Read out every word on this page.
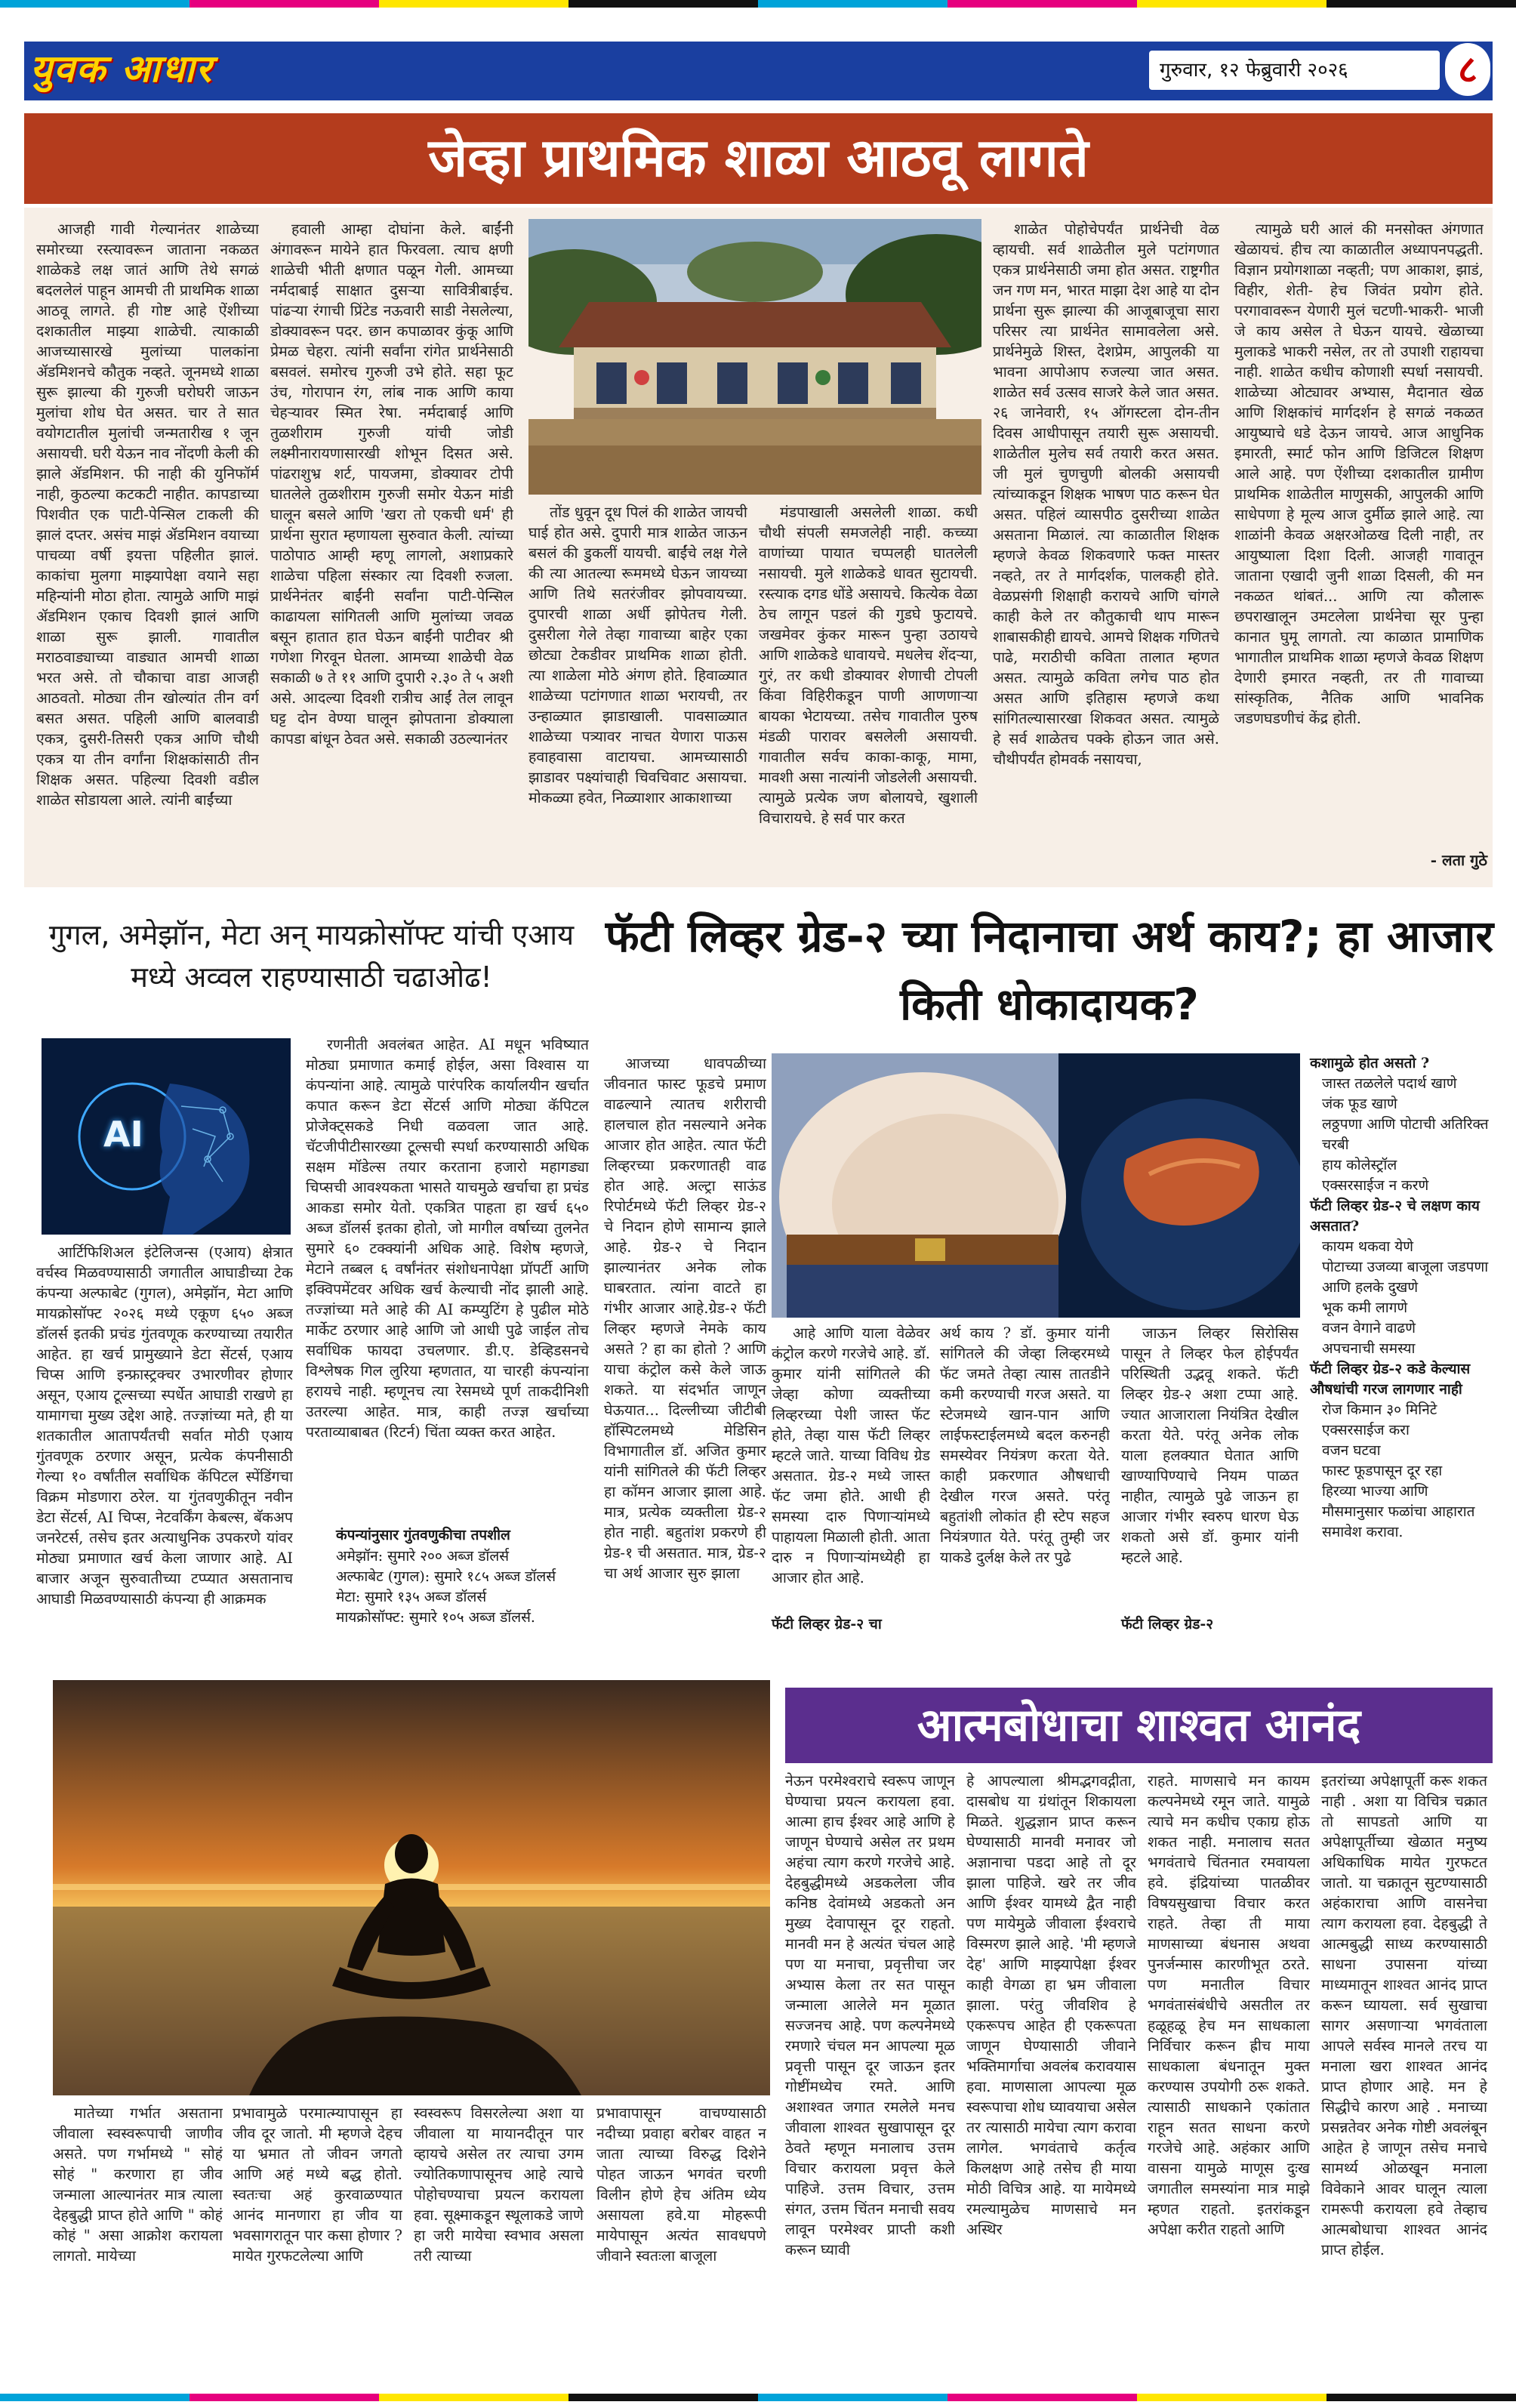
युवक आधार	गुरुवार, १२ फेब्रुवारी २०२६	८
जेव्हा प्राथमिक शाळा आठवू लागते

आजही गावी गेल्यानंतर शाळेच्या समोरच्या रस्त्यावरून जाताना नकळत शाळेकडे लक्ष जातं आणि तेथे सगळं बदललेलं पाहून आमची ती प्राथमिक शाळा आठवू लागते. ही गोष्ट आहे ऐंशीच्या दशकातील माझ्या शाळेची. त्याकाळी आजच्यासारखे मुलांच्या पालकांना ॲडमिशनचे कौतुक नव्हते. जूनमध्ये शाळा सुरू झाल्या की गुरुजी घरोघरी जाऊन मुलांचा शोध घेत असत. चार ते सात वयोगटातील मुलांची जन्मतारीख १ जून असायची. घरी येऊन नाव नोंदणी केली की झाले ॲडमिशन. फी नाही की युनिफॉर्म नाही, कुठल्या कटकटी नाहीत. कापडाच्या पिशवीत एक पाटी-पेन्सिल टाकली की झालं दप्तर. असंच माझं ॲडमिशन वयाच्या पाचव्या वर्षी इयत्ता पहिलीत झालं. काकांचा मुलगा माझ्यापेक्षा वयाने सहा महिन्यांनी मोठा होता. त्यामुळे आणि माझं ॲडमिशन एकाच दिवशी झालं आणि शाळा सुरू झाली. गावातील मराठवाड्याच्या वाड्यात आमची शाळा भरत असे. तो चौकाचा वाडा आजही आठवतो. मोठ्या तीन खोल्यांत तीन वर्ग बसत असत. पहिली आणि बालवाडी एकत्र, दुसरी-तिसरी एकत्र आणि चौथी एकत्र या तीन वर्गांना शिक्षकांसाठी तीन शिक्षक असत. पहिल्या दिवशी वडील शाळेत सोडायला आले. त्यांनी बाईंच्या

हवाली आम्हा दोघांना केले. बाईंनी अंगावरून मायेने हात फिरवला. त्याच क्षणी शाळेची भीती क्षणात पळून गेली. आमच्या नर्मदाबाई साक्षात दुसऱ्या सावित्रीबाईच. पांढऱ्या रंगाची प्रिंटेड नऊवारी साडी नेसलेल्या, डोक्यावरून पदर. छान कपाळावर कुंकू आणि प्रेमळ चेहरा. त्यांनी सर्वांना रांगेत प्रार्थनेसाठी बसवलं. समोरच गुरुजी उभे होते. सहा फूट उंच, गोरापान रंग, लांब नाक आणि काया चेहऱ्यावर स्मित रेषा. नर्मदाबाई आणि तुळशीराम गुरुजी यांची जोडी लक्ष्मीनारायणासारखी शोभून दिसत असे. पांढराशुभ्र शर्ट, पायजमा, डोक्यावर टोपी घातलेले तुळशीराम गुरुजी समोर येऊन मांडी घालून बसले आणि 'खरा तो एकची धर्म' ही प्रार्थना सुरात म्हणायला सुरुवात केली. त्यांच्या पाठोपाठ आम्ही म्हणू लागलो, अशाप्रकारे शाळेचा पहिला संस्कार त्या दिवशी रुजला. प्रार्थनेनंतर बाईंनी सर्वांना पाटी-पेन्सिल काढायला सांगितली आणि मुलांच्या जवळ बसून हातात हात घेऊन बाईंनी पाटीवर श्री गणेशा गिरवून घेतला. आमच्या शाळेची वेळ सकाळी ७ ते ११ आणि दुपारी २.३० ते ५ अशी असे. आदल्या दिवशी रात्रीच आईं तेल लावून घट्ट दोन वेण्या घालून झोपताना डोक्याला कापडा बांधून ठेवत असे. सकाळी उठल्यानंतर

तोंड धुवून दूध पिलं की शाळेत जायची घाई होत असे. दुपारी मात्र शाळेत जाऊन बसलं की डुकलीं यायची. बाईंचे लक्ष गेले की त्या आतल्या रूममध्ये घेऊन जायच्या आणि तिथे सतरंजीवर झोपवायच्या. दुपारची शाळा अर्धी झोपेतच गेली. दुसरीला गेले तेव्हा गावाच्या बाहेर एका छोट्या टेकडीवर प्राथमिक शाळा होती. त्या शाळेला मोठे अंगण होते. हिवाळ्यात शाळेच्या पटांगणात शाळा भरायची, तर उन्हाळ्यात झाडाखाली. पावसाळ्यात शाळेच्या पत्र्यावर नाचत येणारा पाऊस हवाहवासा वाटायचा. आमच्यासाठी झाडावर पक्ष्यांचाही चिवचिवाट असायचा. मोकळ्या हवेत, निळ्याशार आकाशाच्या

मंडपाखाली असलेली शाळा. कधी चौथी संपली समजलेही नाही. कच्च्या वाणांच्या पायात चप्पलही घातलेली नसायची. मुले शाळेकडे धावत सुटायची. रस्त्याक दगड धोंडे असायचे. कित्येक वेळा ठेच लागून पडलं की गुडघे फुटायचे. जखमेवर कुंकर मारून पुन्हा उठायचे आणि शाळेकडे धावायचे. मधलेच शेंदऱ्या, गुरं, तर कधी डोक्यावर शेणाची टोपली किंवा विहिरीकडून पाणी आणणाऱ्या बायका भेटायच्या. तसेच गावातील पुरुष मंडळी पारावर बसलेली असायची. गावातील सर्वच काका-काकू, मामा, मावशी असा नात्यांनी जोडलेली असायची. त्यामुळे प्रत्येक जण बोलायचे, खुशाली विचारायचे. हे सर्व पार करत

शाळेत पोहोचेपर्यंत प्रार्थनेची वेळ व्हायची. सर्व शाळेतील मुले पटांगणात एकत्र प्रार्थनेसाठी जमा होत असत. राष्ट्रगीत जन गण मन, भारत माझा देश आहे या दोन प्रार्थना सुरू झाल्या की आजूबाजूचा सारा परिसर त्या प्रार्थनेत सामावलेला असे. प्रार्थनेमुळे शिस्त, देशप्रेम, आपुलकी या भावना आपोआप रुजल्या जात असत. शाळेत सर्व उत्सव साजरे केले जात असत. २६ जानेवारी, १५ ऑगस्टला दोन-तीन दिवस आधीपासून तयारी सुरू असायची. शाळेतील मुलेच सर्व तयारी करत असत. जी मुलं चुणचुणी बोलकी असायची त्यांच्याकडून शिक्षक भाषण पाठ करून घेत असत. पहिलं व्यासपीठ दुसरीच्या शाळेत असताना मिळालं. त्या काळातील शिक्षक म्हणजे केवळ शिकवणारे फक्त मास्तर नव्हते, तर ते मार्गदर्शक, पालकही होते. वेळप्रसंगी शिक्षाही करायचे आणि चांगले काही केले तर कौतुकाची थाप मारून शाबासकीही द्यायचे. आमचे शिक्षक गणितचे पाढे, मराठीची कविता तालात म्हणत असत. त्यामुळे कविता लगेच पाठ होत असत आणि इतिहास म्हणजे कथा सांगितल्यासारखा शिकवत असत. त्यामुळे हे सर्व शाळेतच पक्के होऊन जात असे. चौथीपर्यंत होमवर्क नसायचा,

त्यामुळे घरी आलं की मनसोक्त अंगणात खेळायचं. हीच त्या काळातील अध्यापनपद्धती. विज्ञान प्रयोगशाळा नव्हती; पण आकाश, झाडं, विहीर, शेती- हेच जिवंत प्रयोग होते. परगावावरून येणारी मुलं चटणी-भाकरी- भाजी जे काय असेल ते घेऊन यायचे. खेळाच्या मुलाकडे भाकरी नसेल, तर तो उपाशी राहायचा नाही. शाळेत कधीच कोणाशी स्पर्धा नसायची. शाळेच्या ओट्यावर अभ्यास, मैदानात खेळ आणि शिक्षकांचं मार्गदर्शन हे सगळं नकळत आयुष्याचे धडे देऊन जायचे. आज आधुनिक इमारती, स्मार्ट फोन आणि डिजिटल शिक्षण आले आहे. पण ऐंशीच्या दशकातील ग्रामीण प्राथमिक शाळेतील माणुसकी, आपुलकी आणि साधेपणा हे मूल्य आज दुर्मीळ झाले आहे. त्या शाळांनी केवळ अक्षरओळख दिली नाही, तर आयुष्याला दिशा दिली. आजही गावातून जाताना एखादी जुनी शाळा दिसली, की मन नकळत थांबतं... आणि त्या कौलारू छपराखालून उमटलेला प्रार्थनेचा सूर पुन्हा कानात घुमू लागतो. त्या काळात प्रामाणिक भागातील प्राथमिक शाळा म्हणजे केवळ शिक्षण देणारी इमारत नव्हती, तर ती गावाच्या सांस्कृतिक, नैतिक आणि भावनिक जडणघडणीचं केंद्र होती.

- लता गुठे
गुगल, अमेझॉन, मेटा अन् मायक्रोसॉफ्ट यांची एआय मध्ये अव्वल राहण्यासाठी चढाओढ!
AI

आर्टिफिशिअल इंटेलिजन्स (एआय) क्षेत्रात वर्चस्व मिळवण्यासाठी जगातील आघाडीच्या टेक कंपन्या अल्फाबेट (गुगल), अमेझॉन, मेटा आणि मायक्रोसॉफ्ट २०२६ मध्ये एकूण ६५० अब्ज डॉलर्स इतकी प्रचंड गुंतवणूक करण्याच्या तयारीत आहेत. हा खर्च प्रामुख्याने डेटा सेंटर्स, एआय चिप्स आणि इन्फ्रास्ट्रक्चर उभारणीवर होणार असून, एआय टूल्सच्या स्पर्धेत आघाडी राखणे हा यामागचा मुख्य उद्देश आहे. तज्ज्ञांच्या मते, ही या शतकातील आतापर्यंतची सर्वात मोठी एआय गुंतवणूक ठरणार असून, प्रत्येक कंपनीसाठी गेल्या १० वर्षांतील सर्वाधिक कॅपिटल स्पेंडिंगचा विक्रम मोडणारा ठरेल. या गुंतवणुकीतून नवीन डेटा सेंटर्स, AI चिप्स, नेटवर्किंग केबल्स, बॅकअप जनरेटर्स, तसेच इतर अत्याधुनिक उपकरणे यांवर मोठ्या प्रमाणात खर्च केला जाणार आहे. AI बाजार अजून सुरुवातीच्या टप्प्यात असतानाच आघाडी मिळवण्यासाठी कंपन्या ही आक्रमक

रणनीती अवलंबत आहेत. AI मधून भविष्यात मोठ्या प्रमाणात कमाई होईल, असा विश्वास या कंपन्यांना आहे. त्यामुळे पारंपरिक कार्यालयीन खर्चात कपात करून डेटा सेंटर्स आणि मोठ्या कॅपिटल प्रोजेक्ट्सकडे निधी वळवला जात आहे. चॅटजीपीटीसारख्या टूल्सची स्पर्धा करण्यासाठी अधिक सक्षम मॉडेल्स तयार करताना हजारो महागड्या चिप्सची आवश्यकता भासते याचमुळे खर्चाचा हा प्रचंड आकडा समोर येतो. एकत्रित पाहता हा खर्च ६५० अब्ज डॉलर्स इतका होतो, जो मागील वर्षाच्या तुलनेत सुमारे ६० टक्क्यांनी अधिक आहे. विशेष म्हणजे, मेटाने तब्बल ६ वर्षांनंतर संशोधनापेक्षा प्रॉपर्टी आणि इक्विपमेंटवर अधिक खर्च केल्याची नोंद झाली आहे. तज्ज्ञांच्या मते आहे की AI कम्प्युटिंग हे पुढील मोठे मार्केट ठरणार आहे आणि जो आधी पुढे जाईल तोच सर्वाधिक फायदा उचलणार. डी.ए. डेव्हिडसनचे विश्लेषक गिल लुरिया म्हणतात, या चारही कंपन्यांना हरायचे नाही. म्हणूनच त्या रेसमध्ये पूर्ण ताकदीनिशी उतरल्या आहेत. मात्र, काही तज्ज्ञ खर्चाच्या परताव्याबाबत (रिटर्न) चिंता व्यक्त करत आहेत.

कंपन्यांनुसार गुंतवणुकीचा तपशील
अमेझॉन: सुमारे २०० अब्ज डॉलर्स
अल्फाबेट (गुगल): सुमारे १८५ अब्ज डॉलर्स
मेटा: सुमारे १३५ अब्ज डॉलर्स
मायक्रोसॉफ्ट: सुमारे १०५ अब्ज डॉलर्स.
फॅटी लिव्हर ग्रेड-२ च्या निदानाचा अर्थ काय?; हा आजार किती धोकादायक?

आजच्या धावपळीच्या जीवनात फास्ट फूडचे प्रमाण वाढल्याने त्यातच शरीराची हालचाल होत नसल्याने अनेक आजार होत आहेत. त्यात फॅटी लिव्हरच्या प्रकरणातही वाढ होत आहे. अल्ट्रा साऊंड रिपोर्टमध्ये फॅटी लिव्हर ग्रेड-२ चे निदान होणे सामान्य झाले आहे. ग्रेड-२ चे निदान झाल्यानंतर अनेक लोक घाबरतात. त्यांना वाटते हा गंभीर आजार आहे.ग्रेड-२ फॅटी लिव्हर म्हणजे नेमके काय असते ? हा का होतो ? आणि याचा कंट्रोल कसे केले जाऊ शकते. या संदर्भात जाणून घेऊयात... दिल्लीच्या जीटीबी हॉस्पिटलमध्ये मेडिसिन विभागातील डॉ. अजित कुमार यांनी सांगितले की फॅटी लिव्हर हा कॉमन आजार झाला आहे. मात्र, प्रत्येक व्यक्तीला ग्रेड-२ होत नाही. बहुतांश प्रकरणे ही ग्रेड-१ ची असतात. मात्र, ग्रेड-२ चा अर्थ आजार सुरु झाला

आहे आणि याला वेळेवर कंट्रोल करणे गरजेचे आहे. डॉ. कुमार यांनी सांगितले की जेव्हा कोणा व्यक्तीच्या लिव्हरच्या पेशी जास्त फॅट होते, तेव्हा यास फॅटी लिव्हर म्हटले जाते. याच्या विविध ग्रेड असतात. ग्रेड-२ मध्ये जास्त फॅट जमा होते. आधी ही समस्या दारु पिणाऱ्यांमध्ये पाहायला मिळाली होती. आता दारु न पिणाऱ्यांमध्येही हा आजार होत आहे.

फॅटी लिव्हर ग्रेड-२ चा

अर्थ काय ? डॉ. कुमार यांनी सांगितले की जेव्हा लिव्हरमध्ये फॅट जमते तेव्हा त्यास तातडीने कमी करण्याची गरज असते. या स्टेजमध्ये खान-पान आणि लाईफस्टाईलमध्ये बदल करुनही समस्येवर नियंत्रण करता येते. काही प्रकरणात औषधाची देखील गरज असते. परंतू बहुतांशी लोकांत ही स्टेप सहज नियंत्रणात येते. परंतू तुम्ही जर याकडे दुर्लक्ष केले तर पुढे

जाऊन लिव्हर सिरोसिस पासून ते लिव्हर फेल होईपर्यंत परिस्थिती उद्भवू शकते. फॅटी लिव्हर ग्रेड-२ अशा टप्पा आहे. ज्यात आजाराला नियंत्रित देखील करता येते. परंतू अनेक लोक याला हलक्यात घेतात आणि खाण्यापिण्याचे नियम पाळत नाहीत, त्यामुळे पुढे जाऊन हा आजार गंभीर स्वरुप धारण घेऊ शकतो असे डॉ. कुमार यांनी म्हटले आहे.

फॅटी लिव्हर ग्रेड-२
कशामुळे होत असतो ?
जास्त तळलेले पदार्थ खाणे
जंक फूड खाणे
लठ्ठपणा आणि पोटाची अतिरिक्त चरबी
हाय कोलेस्ट्रॉल
एक्सरसाईज न करणे
फॅटी लिव्हर ग्रेड-२ चे लक्षण काय असतात?
कायम थकवा येणे
पोटाच्या उजव्या बाजूला जडपणा आणि हलके दुखणे
भूक कमी लागणे
वजन वेगाने वाढणे
अपचनाची समस्या
फॅटी लिव्हर ग्रेड-२ कडे केल्यास औषधांची गरज लागणार नाही
रोज किमान ३० मिनिटे एक्सरसाईज करा
वजन घटवा
फास्ट फूडपासून दूर रहा
हिरव्या भाज्या आणि मौसमानुसार फळांचा आहारात समावेश करावा.
आत्मबोधाचा शाश्वत आनंद

मातेच्या गर्भात असताना जीवाला स्वस्वरूपाची जाणीव असते. पण गर्भामध्ये " सोहं सोहं " करणारा हा जीव जन्माला आल्यानंतर मात्र त्याला देहबुद्धी प्राप्त होते आणि " कोहं कोहं " असा आक्रोश करायला लागतो. मायेच्या

प्रभावामुळे परमात्म्यापासून हा जीव दूर जातो. मी म्हणजे देहच या भ्रमात तो जीवन जगतो आणि अहं मध्ये बद्ध होतो. स्वतःचा अहं कुरवाळण्यात आनंद मानणारा हा जीव या भवसागरातून पार कसा होणार ? मायेत गुरफटलेल्या आणि

स्वस्वरूप विसरलेल्या अशा या जीवाला या मायानदीतून पार व्हायचे असेल तर त्याचा उगम ज्योतिकणापासूनच आहे त्याचे पोहोचण्याचा प्रयत्न करायला हवा. सूक्ष्माकडून स्थूलाकडे जाणे हा जरी मायेचा स्वभाव असला तरी त्याच्या

प्रभावापासून वाचण्यासाठी नदीच्या प्रवाहा बरोबर वाहत न जाता त्याच्या विरुद्ध दिशेने पोहत जाऊन भगवंत चरणी विलीन होणे हेच अंतिम ध्येय असायला हवे.या मोहरूपी मायेपासून अत्यंत सावधपणे जीवाने स्वतःला बाजूला

नेऊन परमेश्वराचे स्वरूप जाणून घेण्याचा प्रयत्न करायला हवा. आत्मा हाच ईश्वर आहे आणि हे जाणून घेण्याचे असेल तर प्रथम अहंचा त्याग करणे गरजेचे आहे. देहबुद्धीमध्ये अडकलेला जीव कनिष्ठ देवांमध्ये अडकतो अन मुख्य देवापासून दूर राहतो. मानवी मन हे अत्यंत चंचल आहे पण या मनाचा, प्रवृत्तीचा जर अभ्यास केला तर सत पासून जन्माला आलेले मन मूळात सज्जनच आहे. पण कल्पनेमध्ये रमणारे चंचल मन आपल्या मूळ प्रवृत्ती पासून दूर जाऊन इतर गोष्टींमध्येच रमते. आणि अशाश्वत जगात रमलेले मनच जीवाला शाश्वत सुखापासून दूर ठेवते म्हणून मनालाच उत्तम विचार करायला प्रवृत्त केले पाहिजे. उत्तम विचार, उत्तम संगत, उत्तम चिंतन मनाची सवय लावून परमेश्वर प्राप्ती कशी करून घ्यावी

हे आपल्याला श्रीमद्भगवद्गीता, दासबोध या ग्रंथांतून शिकायला मिळते. शुद्धज्ञान प्राप्त करून घेण्यासाठी मानवी मनावर जो अज्ञानाचा पडदा आहे तो दूर झाला पाहिजे. खरे तर जीव आणि ईश्वर यामध्ये द्वैत नाही पण मायेमुळे जीवाला ईश्वराचे विस्मरण झाले आहे. 'मी म्हणजे देह' आणि माझ्यापेक्षा ईश्वर काही वेगळा हा भ्रम जीवाला झाला. परंतु जीवशिव हे एकरूपच आहेत ही एकरूपता जाणून घेण्यासाठी जीवाने भक्तिमार्गाचा अवलंब करावयास हवा. माणसाला आपल्या मूळ स्वरूपाचा शोध घ्यावयाचा असेल तर त्यासाठी मायेचा त्याग करावा लागेल. भगवंताचे कर्तृत्व किलक्षण आहे तसेच ही माया मोठी विचित्र आहे. या मायेमध्ये रमल्यामुळेच माणसाचे मन अस्थिर

राहते. माणसाचे मन कायम कल्पनेमध्ये रमून जाते. यामुळे त्याचे मन कधीच एकाग्र होऊ शकत नाही. मनालाच सतत भगवंताचे चिंतनात रमवायला हवे. इंद्रियांच्या पातळीवर विषयसुखाचा विचार करत राहते. तेव्हा ती माया माणसाच्या बंधनास अथवा पुनर्जन्मास कारणीभूत ठरते. पण मनातील विचार भगवंतासंबंधीचे असतील तर हळूहळू हेच मन साधकाला निर्विचार करून ह्रीच माया साधकाला बंधनातून मुक्त करण्यास उपयोगी ठरू शकते. त्यासाठी साधकाने एकांतात राहून सतत साधना करणे गरजेचे आहे. अहंकार आणि वासना यामुळे माणूस दुःख जगातील समस्यांना मात्र माझे म्हणत राहतो. इतरांकडून अपेक्षा करीत राहतो आणि

इतरांच्या अपेक्षापूर्ती करू शकत नाही . अशा या विचित्र चक्रात तो सापडतो आणि या अपेक्षापूर्तीच्या खेळात मनुष्य अधिकाधिक मायेत गुरफटत जातो. या चक्रातून सुटण्यासाठी अहंकाराचा आणि वासनेचा त्याग करायला हवा. देहबुद्धी ते आत्मबुद्धी साध्य करण्यासाठी साधना उपासना यांच्या माध्यमातून शाश्वत आनंद प्राप्त करून घ्यायला. सर्व सुखाचा सागर असणाऱ्या भगवंताला आपले सर्वस्व मानले तरच या मनाला खरा शाश्वत आनंद प्राप्त होणार आहे. मन हे सिद्धीचे कारण आहे . मनाच्या प्रसन्नतेवर अनेक गोष्टी अवलंबून आहेत हे जाणून तसेच मनाचे सामर्थ्य ओळखून मनाला विवेकाने आवर घालून त्याला रामरूपी करायला हवे तेव्हाच आत्मबोधाचा शाश्वत आनंद प्राप्त होईल.
